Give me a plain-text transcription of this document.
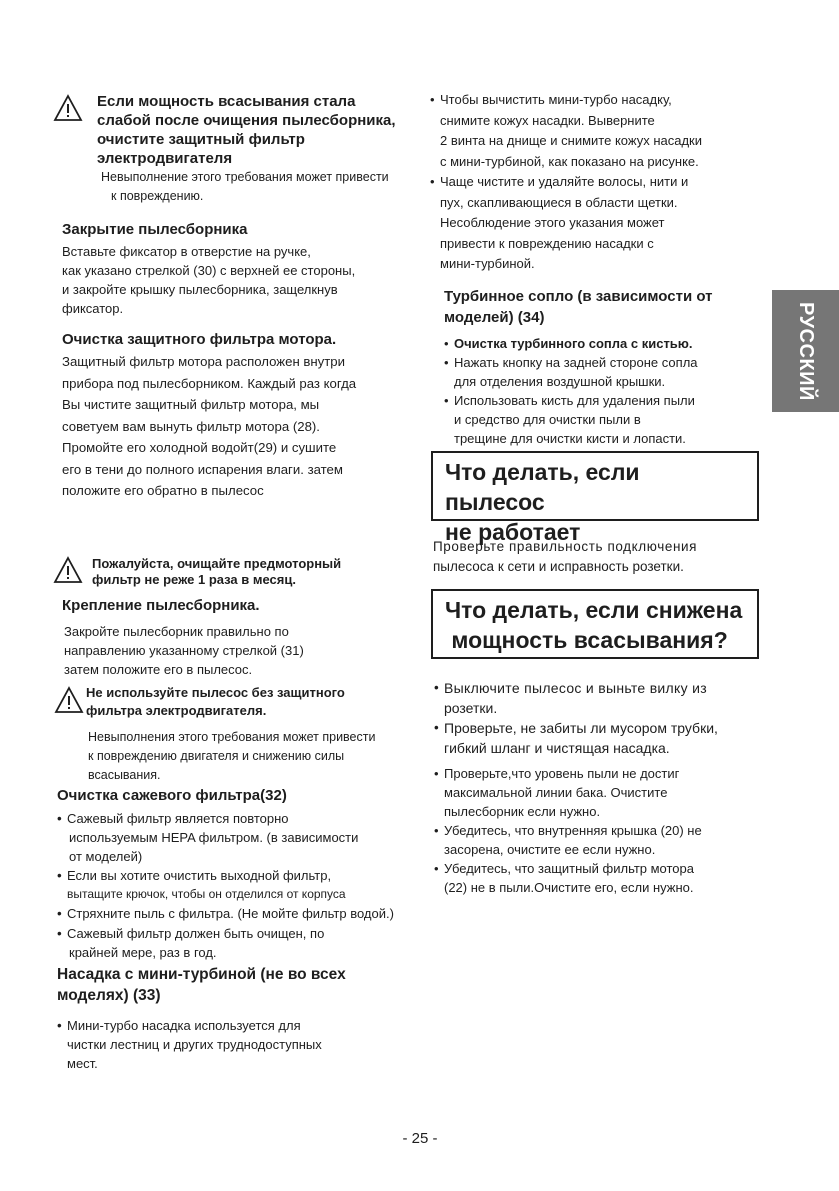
Если мощность всасывания стала
слабой после очищения пылесборника,
очистите защитный фильтр
электродвигателя
Невыполнение этого требования может привести
к повреждению.
Закрытие пылесборника
Вставьте фиксатор в отверстие на ручке,
как указано стрелкой (30) с верхней ее стороны,
и закройте крышку пылесборника, защелкнув
фиксатор.
Очистка защитного фильтра мотора.
Защитный фильтр мотора расположен внутри
прибора под пылесборником. Каждый раз когда
Вы чистите защитный фильтр мотора, мы
советуем вам вынуть фильтр мотора (28).
Промойте его холодной водойт(29) и сушите
его в тени до полного испарения влаги. затем
положите его обратно в пылесос
Пожалуйста, очищайте предмоторный
фильтр не реже 1 раза в месяц.
Крепление пылесборника.
Закройте пылесборник правильно по
направлению указанному стрелкой (31)
затем положите его в пылесос.
Не используйте пылесос без защитного
фильтра электродвигателя.
Невыполнения этого требования может привести
к повреждению двигателя и снижению силы
всасывания.
Очистка сажевого фильтра(32)
• Сажевый фильтр является повторно
используемым HEPA фильтром. (в зависимости
от моделей)
• Если вы хотите очистить выходной фильтр,
вытащите крючок, чтобы он отделился от корпуса
• Стряхните пыль с фильтра. (Не мойте фильтр водой.)
• Сажевый фильтр должен быть очищен, по
крайней мере, раз в год.
Насадка с мини-турбиной (не во всех
моделях) (33)
• Мини-турбо насадка используется для
чистки лестниц и других труднодоступных
мест.
• Чтобы вычистить мини-турбо насадку,
снимите кожух насадки. Выверните
2 винта на днище и снимите кожух насадки
с мини-турбиной, как показано на рисунке.
• Чаще чистите и удаляйте волосы, нити и
пух, скапливающиеся в области щетки.
Несоблюдение этого указания может
привести к повреждению насадки с
мини-турбиной.
Турбинное сопло (в зависимости от
моделей) (34)
• Очистка турбинного сопла с кистью.
• Нажать кнопку на задней стороне сопла
для отделения воздушной крышки.
• Использовать кисть для удаления пыли
и средство для очистки пыли в
трещине для очистки кисти и лопасти.
Что делать, если пылесос
не работает
Проверьте правильность подключения
пылесоса к сети и исправность розетки.
Что делать, если снижена
мощность всасывания?
• Выключите пылесос и выньте вилку из
розетки.
• Проверьте, не забиты ли мусором трубки,
гибкий шланг и чистящая насадка.
• Проверьте,что уровень пыли не достиг
максимальной линии бака. Очистите
пылесборник если нужно.
• Убедитесь, что внутренняя крышка (20) не
засорена, очистите ее если нужно.
• Убедитесь, что защитный фильтр мотора
(22) не в пыли.Очистите его, если нужно.
РУССКИЙ
- 25 -
